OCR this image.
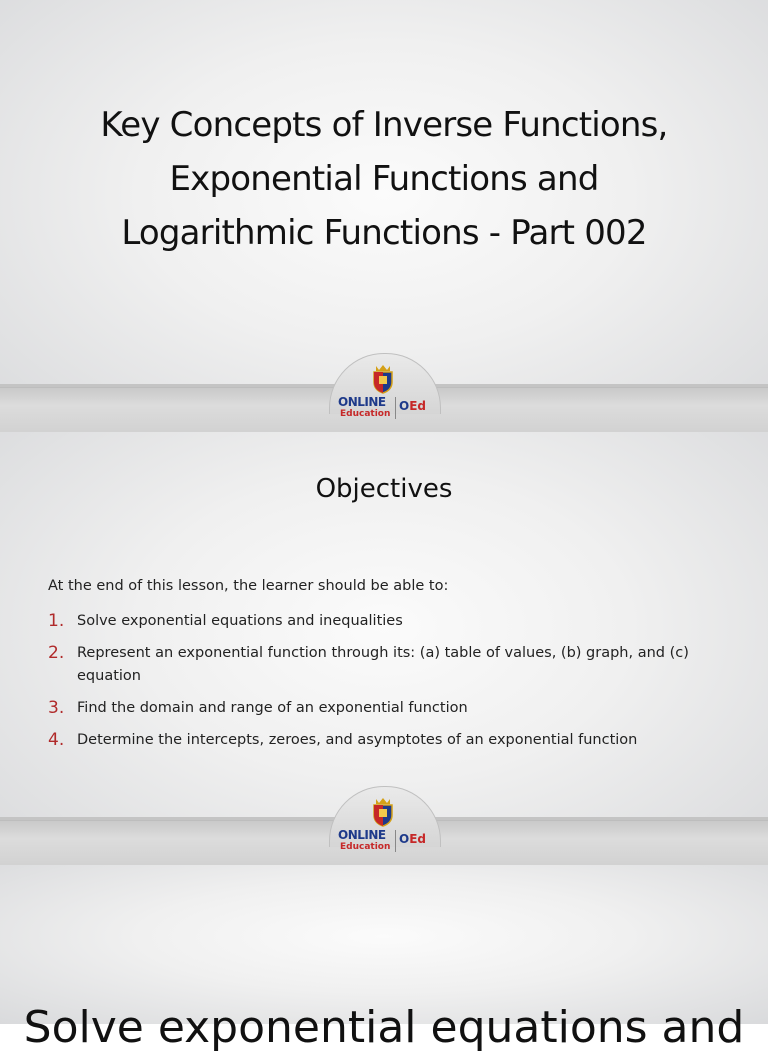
Key Concepts of Inverse Functions,
Exponential Functions and
Logarithmic Functions - Part 002
ONLINE
Education
OEd
Objectives
At the end of this lesson, the learner should be able to:
1. Solve exponential equations and inequalities
2. Represent an exponential function through its: (a) table of values, (b) graph, and (c) equation
3. Find the domain and range of an exponential function
4. Determine the intercepts, zeroes, and asymptotes of an exponential function
ONLINE
Education
OEd
Solve exponential equations and
